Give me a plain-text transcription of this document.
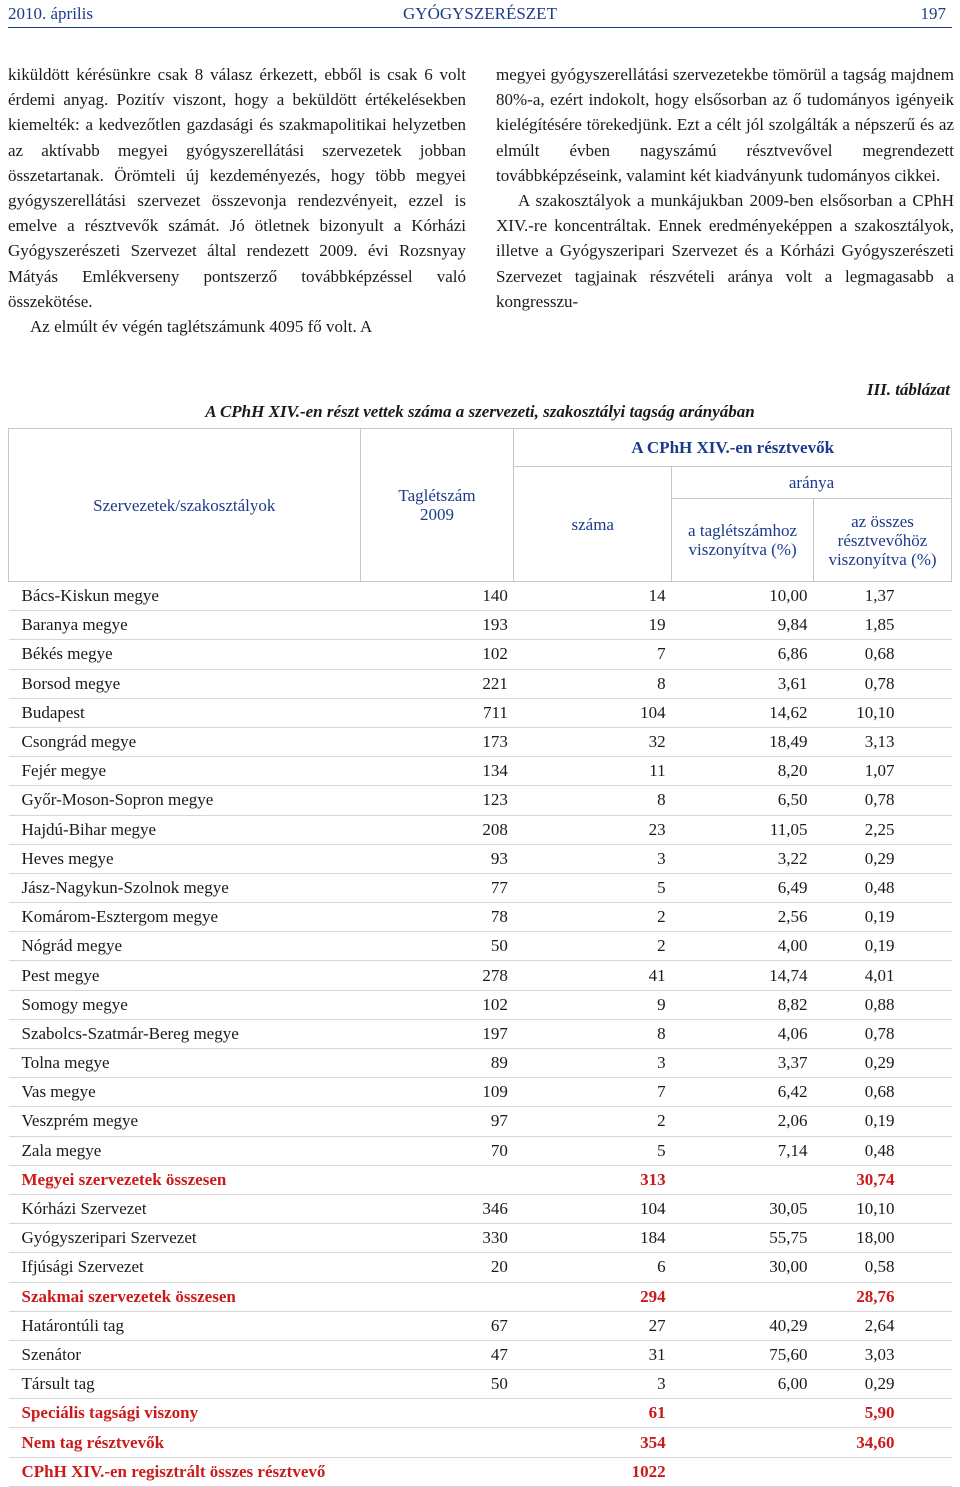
2010. április	GYÓGYSZERÉSZET	197

kiküldött kérésünkre csak 8 válasz érkezett, ebből is csak 6 volt érdemi anyag. Pozitív viszont, hogy a beküldött értékelésekben kiemelték: a kedvezőtlen gazdasági és szakmapolitikai helyzetben az aktívabb megyei gyógyszerellátási szervezetek jobban összetartanak. Örömteli új kezdeményezés, hogy több megyei gyógyszerellátási szervezet összevonja rendezvényeit, ezzel is emelve a résztvevők számát. Jó ötletnek bizonyult a Kórházi Gyógyszerészeti Szervezet által rendezett 2009. évi Rozsnyay Mátyás Emlékverseny pontszerző továbbképzéssel való összekötése.

Az elmúlt év végén taglétszámunk 4095 fő volt. A

megyei gyógyszerellátási szervezetekbe tömörül a tagság majdnem 80%-a, ezért indokolt, hogy elsősorban az ő tudományos igényeik kielégítésére törekedjünk. Ezt a célt jól szolgálták a népszerű és az elmúlt évben nagyszámú résztvevővel megrendezett továbbképzéseink, valamint két kiadványunk tudományos cikkei.

A szakosztályok a munkájukban 2009-ben elsősorban a CPhH XIV.-re koncentráltak. Ennek eredményeképpen a szakosztályok, illetve a Gyógyszeripari Szervezet és a Kórházi Gyógyszerészeti Szervezet tagjainak részvételi aránya volt a legmagasabb a kongresszu-

III. táblázat
A CPhH XIV.-en részt vettek száma a szervezeti, szakosztályi tagság arányában
Szervezetek/szakosztályok	Taglétszám 2009	A CPhH XIV.-en résztvevők		
		száma	aránya	
			a taglétszámhoz viszonyítva (%)	az összes résztvevőhöz viszonyítva (%)
Bács-Kiskun megye	140	14	10,00	1,37
Baranya megye	193	19	9,84	1,85
Békés megye	102	7	6,86	0,68
Borsod megye	221	8	3,61	0,78
Budapest	711	104	14,62	10,10
Csongrád megye	173	32	18,49	3,13
Fejér megye	134	11	8,20	1,07
Győr-Moson-Sopron megye	123	8	6,50	0,78
Hajdú-Bihar megye	208	23	11,05	2,25
Heves megye	93	3	3,22	0,29
Jász-Nagykun-Szolnok megye	77	5	6,49	0,48
Komárom-Esztergom megye	78	2	2,56	0,19
Nógrád megye	50	2	4,00	0,19
Pest megye	278	41	14,74	4,01
Somogy megye	102	9	8,82	0,88
Szabolcs-Szatmár-Bereg megye	197	8	4,06	0,78
Tolna megye	89	3	3,37	0,29
Vas megye	109	7	6,42	0,68
Veszprém megye	97	2	2,06	0,19
Zala megye	70	5	7,14	0,48
Megyei szervezetek összesen		313		30,74
Kórházi Szervezet	346	104	30,05	10,10
Gyógyszeripari Szervezet	330	184	55,75	18,00
Ifjúsági Szervezet	20	6	30,00	0,58
Szakmai szervezetek összesen		294		28,76
Határontúli tag	67	27	40,29	2,64
Szenátor	47	31	75,60	3,03
Társult tag	50	3	6,00	0,29
Speciális tagsági viszony		61		5,90
Nem tag résztvevők		354		34,60
CPhH XIV.-en regisztrált összes résztvevő		1022		
